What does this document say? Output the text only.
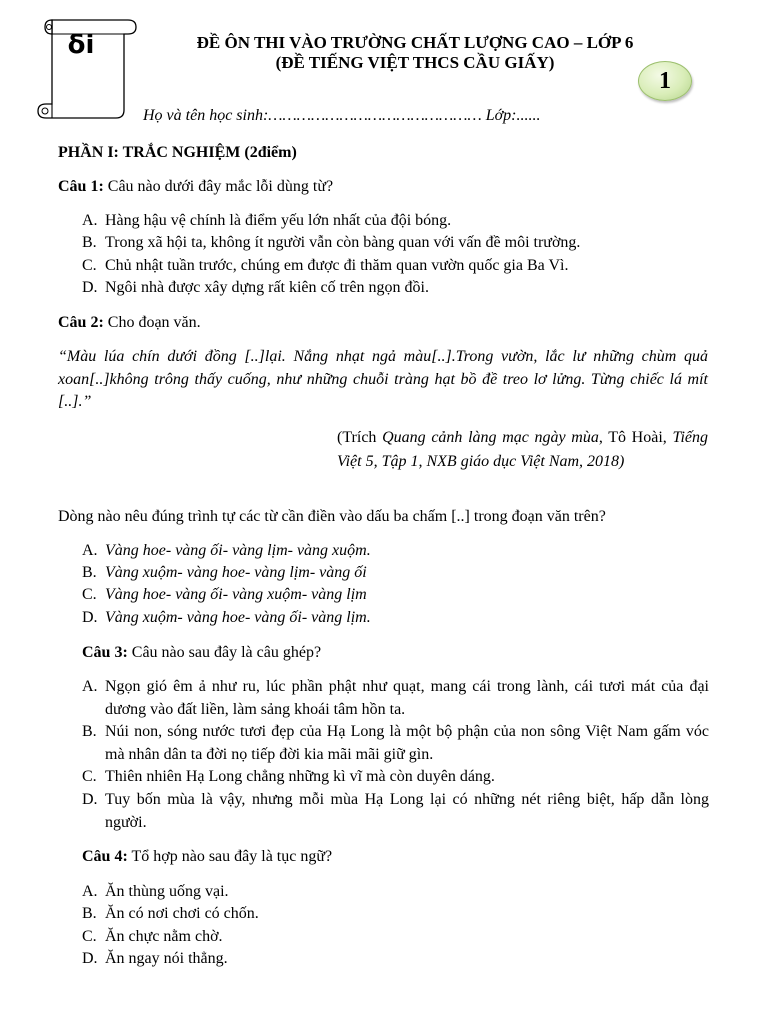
δi	ĐỀ ÔN THI VÀO TRƯỜNG CHẤT LƯỢNG CAO – LỚP 6
(ĐỀ TIẾNG VIỆT THCS CẦU GIẤY)
1
Họ và tên học sinh:……………………………………… Lớp:......
PHẦN I: TRẮC NGHIỆM (2điểm)
Câu 1: Câu nào dưới đây mắc lỗi dùng từ?
A. Hàng hậu vệ chính là điểm yếu lớn nhất của đội bóng.
B. Trong xã hội ta, không ít người vẫn còn bàng quan với vấn đề môi trường.
C. Chủ nhật tuần trước, chúng em được đi thăm quan vườn quốc gia Ba Vì.
D. Ngôi nhà được xây dựng rất kiên cố trên ngọn đồi.
Câu 2: Cho đoạn văn.
“Màu lúa chín dưới đồng [..]lại. Nắng nhạt ngả màu[..].Trong vườn, lắc lư những chùm quả xoan[..]không trông thấy cuống, như những chuỗi tràng hạt bồ đề treo lơ lửng. Từng chiếc lá mít [..].”
(Trích Quang cảnh làng mạc ngày mùa, Tô Hoài, Tiếng Việt 5, Tập 1, NXB giáo dục Việt Nam, 2018)
Dòng nào nêu đúng trình tự các từ cần điền vào dấu ba chấm [..] trong đoạn văn trên?
A. Vàng hoe- vàng ối- vàng lịm- vàng xuộm.
B. Vàng xuộm- vàng hoe- vàng lịm- vàng ối
C. Vàng hoe- vàng ối- vàng xuộm- vàng lịm
D. Vàng xuộm- vàng hoe- vàng ối- vàng lịm.
Câu 3: Câu nào sau đây là câu ghép?
A. Ngọn gió êm ả như ru, lúc phần phật như quạt, mang cái trong lành, cái tươi mát của đại dương vào đất liền, làm sảng khoái tâm hồn ta.
B. Núi non, sóng nước tươi đẹp của Hạ Long là một bộ phận của non sông Việt Nam gấm vóc mà nhân dân ta đời nọ tiếp đời kia mãi mãi giữ gìn.
C. Thiên nhiên Hạ Long chẳng những kì vĩ mà còn duyên dáng.
D. Tuy bốn mùa là vậy, nhưng mỗi mùa Hạ Long lại có những nét riêng biệt, hấp dẫn lòng người.
Câu 4: Tổ hợp nào sau đây là tục ngữ?
A. Ăn thùng uống vại.
B. Ăn có nơi chơi có chốn.
C. Ăn chực nằm chờ.
D. Ăn ngay nói thẳng.
